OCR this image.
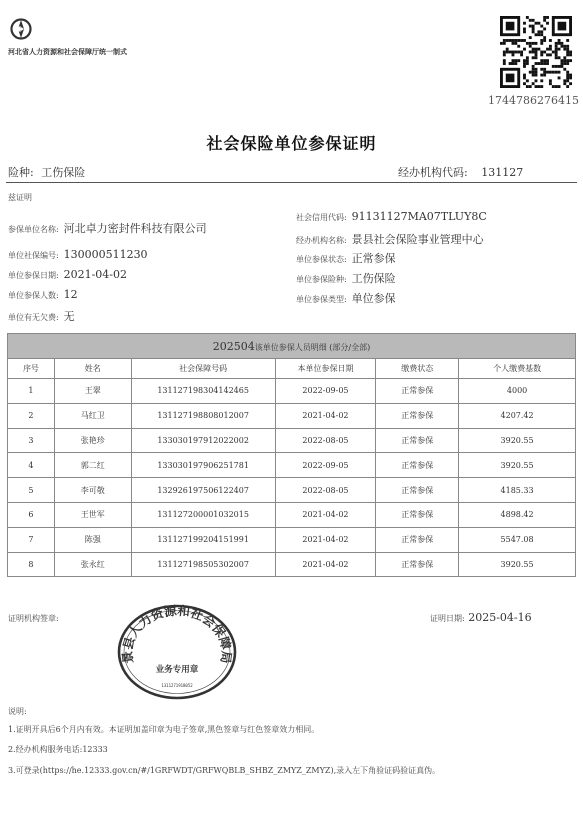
河北省人力资源和社会保障厅统一制式
1744786276415
社会保险单位参保证明
险种: 工伤保险	经办机构代码: 131127
兹证明
参保单位名称: 河北卓力密封件科技有限公司
单位社保编号: 130000511230
单位参保日期: 2021-04-02
单位参保人数: 12
单位有无欠费: 无
社会信用代码: 91131127MA07TLUY8C
经办机构名称: 景县社会保险事业管理中心
单位参保状态: 正常参保
单位参保险种: 工伤保险
单位参保类型: 单位参保
202504该单位参保人员明细 (部分/全部)
序号	姓名	社会保障号码	本单位参保日期	缴费状态	个人缴费基数
1	王翠	131127198304142465	2022-09-05	正常参保	4000
2	马红卫	131127198808012007	2021-04-02	正常参保	4207.42
3	张艳珍	133030197912022002	2022-08-05	正常参保	3920.55
4	郭二红	133030197906251781	2022-09-05	正常参保	3920.55
5	李可敬	132926197506122407	2022-08-05	正常参保	4185.33
6	王世军	131127200001032015	2021-04-02	正常参保	4898.42
7	陈强	131127199204151991	2021-04-02	正常参保	5547.08
8	张永红	131127198505302007	2021-04-02	正常参保	3920.55
证明机构签章:	证明日期: 2025-04-16
景县人力资源和社会保障局
业务专用章
1311271918052
说明:
1.证明开具后6个月内有效。本证明加盖印章为电子签章,黑色签章与红色签章效力相同。
2.经办机构服务电话:12333
3.可登录(https://he.12333.gov.cn/#/1GRFWDT/GRFWQBLB_SHBZ_ZMYZ_ZMYZ),录入左下角验证码验证真伪。
